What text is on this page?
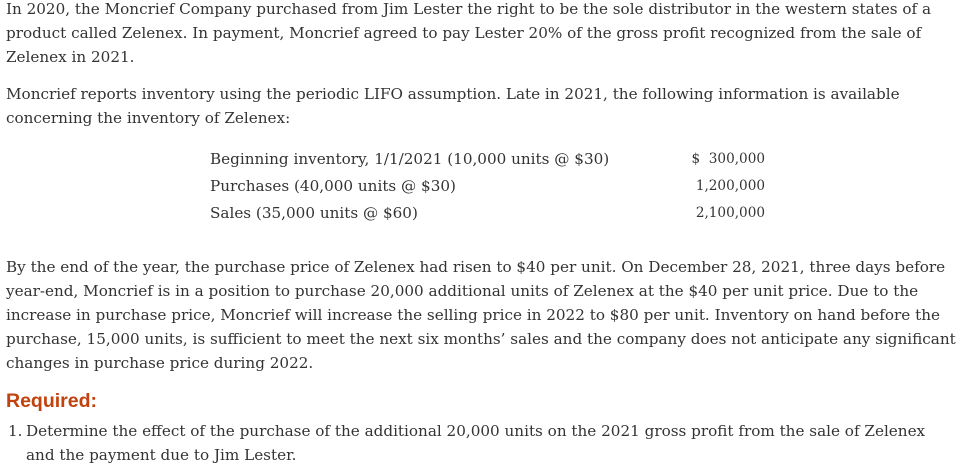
In 2020, the Moncrief Company purchased from Jim Lester the right to be the sole distributor in the western states of a product called Zelenex. In payment, Moncrief agreed to pay Lester 20% of the gross profit recognized from the sale of Zelenex in 2021.

Moncrief reports inventory using the periodic LIFO assumption. Late in 2021, the following information is available concerning the inventory of Zelenex:

Beginning inventory, 1/1/2021 (10,000 units @ $30)	$  300,000
Purchases (40,000 units @ $30)	1,200,000
Sales (35,000 units @ $60)	2,100,000

By the end of the year, the purchase price of Zelenex had risen to $40 per unit. On December 28, 2021, three days before year-end, Moncrief is in a position to purchase 20,000 additional units of Zelenex at the $40 per unit price. Due to the increase in purchase price, Moncrief will increase the selling price in 2022 to $80 per unit. Inventory on hand before the purchase, 15,000 units, is sufficient to meet the next six months’ sales and the company does not anticipate any significant changes in purchase price during 2022.

Required:
1. Determine the effect of the purchase of the additional 20,000 units on the 2021 gross profit from the sale of Zelenex and the payment due to Jim Lester.
